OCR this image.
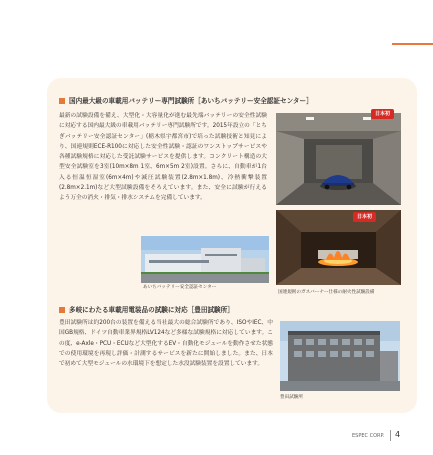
国内最大級の車載用バッテリー専門試験所［あいちバッテリー安全認証センター］
最新の試験設備を備え、大型化・大容量化が進む最先端バッテリーの安全性試験に対応する国内最大級の車載用バッテリー専門試験所です。2015年設立の「とちぎバッテリー安全認証センター」(栃木県宇都宮市)で培った試験技術と知見により、国連規則ECE-R100に対応した安全性試験・認証のワンストップサービスや各種試験規格に対応した受託試験サービスを提供します。コンクリート構造の大型安全試験室を3室(10m×8m 1室、6m×5m 2室)設置。さらに、自動車が1台入る恒温恒湿室(6m×4m)や減圧試験装置(2.8m×1.8m)、冷熱衝撃装置(2.8m×2.1m)など大型試験設備をそろえています。また、安全に試験が行えるよう万全の消火・排気・排水システムを完備しています。
日本初
あいちバッテリー安全認証センター
日本初
国連規則のガスバーナー仕様の耐火性試験設備
多岐にわたる車載用電装品の試験に対応［豊田試験所］
豊田試験所は約200台の装置を備える当社最大の総合試験所であり、ISOやIEC、中国GB規格、ドイツ自動車業界規格LV124など多様な試験規格に対応しています。この度、e-Axle・PCU・ECUなど大型化するEV・自動化モジュールを動作させた状態での使用環境を再現し評価・計測するサービスを新たに開始しました。また、日本で初めて大型モジュールの水環境下を想定した水没試験装置を設置しています。
豊田試験所
ESPEC CORP. 4
